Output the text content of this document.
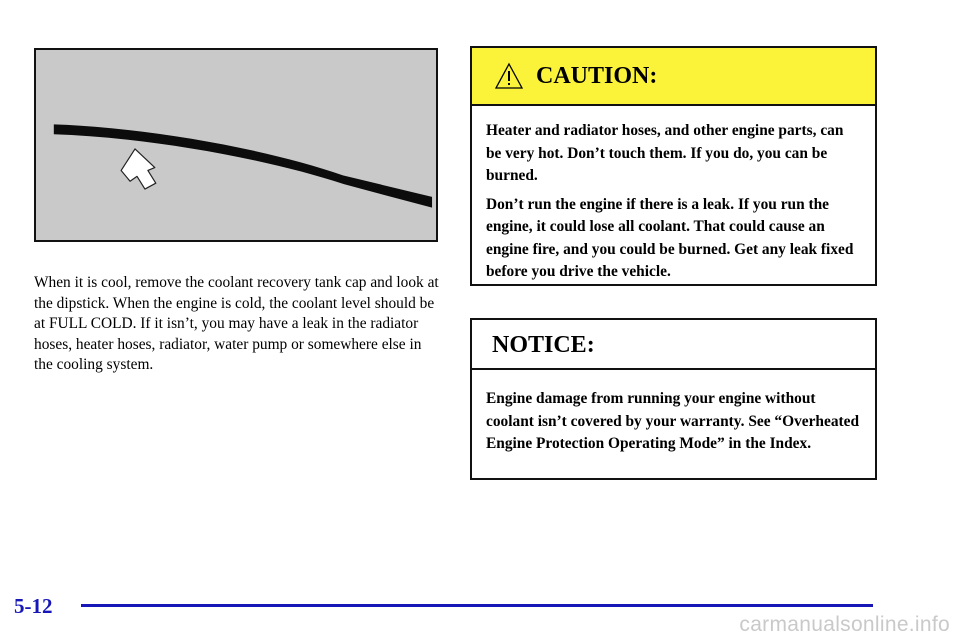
When it is cool, remove the coolant recovery tank cap and look at the dipstick. When the engine is cold, the coolant level should be at FULL COLD. If it isn’t, you may have a leak in the radiator hoses, heater hoses, radiator, water pump or somewhere else in the cooling system.

CAUTION:

Heater and radiator hoses, and other engine parts, can be very hot. Don’t touch them. If you do, you can be burned.

Don’t run the engine if there is a leak. If you run the engine, it could lose all coolant. That could cause an engine fire, and you could be burned. Get any leak fixed before you drive the vehicle.

NOTICE:

Engine damage from running your engine without coolant isn’t covered by your warranty. See “Overheated Engine Protection Operating Mode” in the Index.

5-12
carmanualsonline.info
